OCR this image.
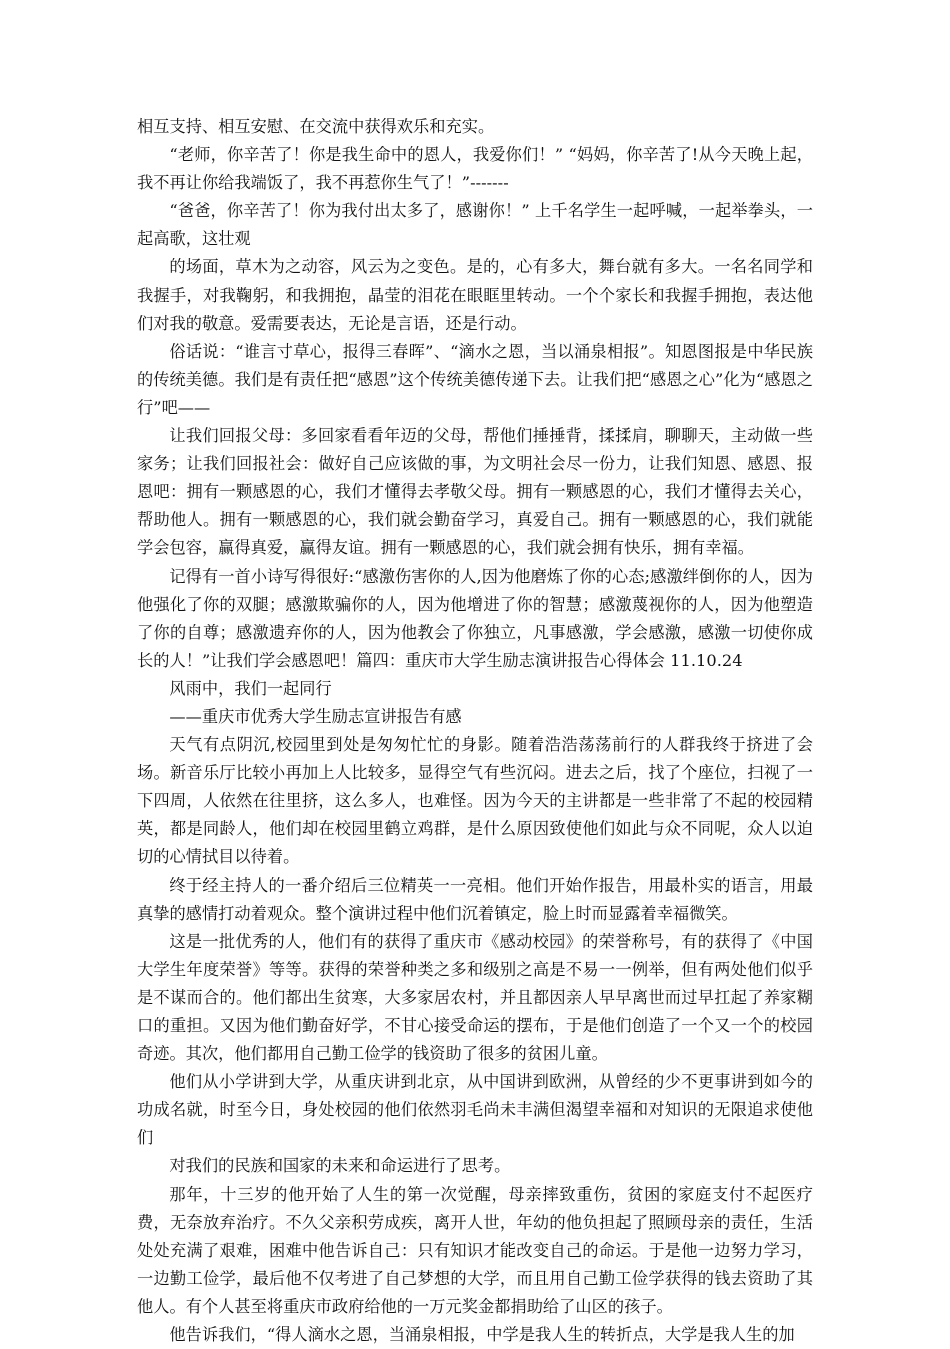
相互支持、相互安慰、在交流中获得欢乐和充实。

“老师，你辛苦了！你是我生命中的恩人，我爱你们！” “妈妈，你辛苦了!从今天晚上起，我不再让你给我端饭了，我不再惹你生气了！”-------

“爸爸，你辛苦了！你为我付出太多了，感谢你！” 上千名学生一起呼喊，一起举拳头，一起高歌，这壮观

的场面，草木为之动容，风云为之变色。是的，心有多大，舞台就有多大。一名名同学和我握手，对我鞠躬，和我拥抱，晶莹的泪花在眼眶里转动。一个个家长和我握手拥抱，表达他们对我的敬意。爱需要表达，无论是言语，还是行动。

俗话说：“谁言寸草心，报得三春晖”、“滴水之恩，当以涌泉相报”。知恩图报是中华民族的传统美德。我们是有责任把“感恩”这个传统美德传递下去。让我们把“感恩之心”化为“感恩之行”吧——

让我们回报父母：多回家看看年迈的父母，帮他们捶捶背，揉揉肩，聊聊天，主动做一些家务；让我们回报社会：做好自己应该做的事，为文明社会尽一份力，让我们知恩、感恩、报恩吧：拥有一颗感恩的心，我们才懂得去孝敬父母。拥有一颗感恩的心，我们才懂得去关心，帮助他人。拥有一颗感恩的心，我们就会勤奋学习，真爱自己。拥有一颗感恩的心，我们就能学会包容，赢得真爱，赢得友谊。拥有一颗感恩的心，我们就会拥有快乐，拥有幸福。

记得有一首小诗写得很好:“感激伤害你的人,因为他磨炼了你的心态;感激绊倒你的人，因为他强化了你的双腿；感激欺骗你的人，因为他增进了你的智慧；感激蔑视你的人，因为他塑造了你的自尊；感激遗弃你的人，因为他教会了你独立，凡事感激，学会感激，感激一切使你成长的人！”让我们学会感恩吧！篇四：重庆市大学生励志演讲报告心得体会 11.10.24

风雨中，我们一起同行

——重庆市优秀大学生励志宣讲报告有感

天气有点阴沉,校园里到处是匆匆忙忙的身影。随着浩浩荡荡前行的人群我终于挤进了会场。新音乐厅比较小再加上人比较多，显得空气有些沉闷。进去之后，找了个座位，扫视了一下四周，人依然在往里挤，这么多人，也难怪。因为今天的主讲都是一些非常了不起的校园精英，都是同龄人，他们却在校园里鹤立鸡群，是什么原因致使他们如此与众不同呢，众人以迫切的心情拭目以待着。

终于经主持人的一番介绍后三位精英一一亮相。他们开始作报告，用最朴实的语言，用最真挚的感情打动着观众。整个演讲过程中他们沉着镇定，脸上时而显露着幸福微笑。

这是一批优秀的人，他们有的获得了重庆市《感动校园》的荣誉称号，有的获得了《中国大学生年度荣誉》等等。获得的荣誉种类之多和级别之高是不易一一例举，但有两处他们似乎是不谋而合的。他们都出生贫寒，大多家居农村，并且都因亲人早早离世而过早扛起了养家糊口的重担。又因为他们勤奋好学，不甘心接受命运的摆布，于是他们创造了一个又一个的校园奇迹。其次，他们都用自己勤工俭学的钱资助了很多的贫困儿童。

他们从小学讲到大学，从重庆讲到北京，从中国讲到欧洲，从曾经的少不更事讲到如今的功成名就，时至今日，身处校园的他们依然羽毛尚未丰满但渴望幸福和对知识的无限追求使他们

对我们的民族和国家的未来和命运进行了思考。

那年，十三岁的他开始了人生的第一次觉醒，母亲摔致重伤，贫困的家庭支付不起医疗费，无奈放弃治疗。不久父亲积劳成疾，离开人世，年幼的他负担起了照顾母亲的责任，生活处处充满了艰难，困难中他告诉自己：只有知识才能改变自己的命运。于是他一边努力学习，一边勤工俭学，最后他不仅考进了自己梦想的大学，而且用自己勤工俭学获得的钱去资助了其他人。有个人甚至将重庆市政府给他的一万元奖金都捐助给了山区的孩子。

他告诉我们，“得人滴水之恩，当涌泉相报，中学是我人生的转折点，大学是我人生的加
